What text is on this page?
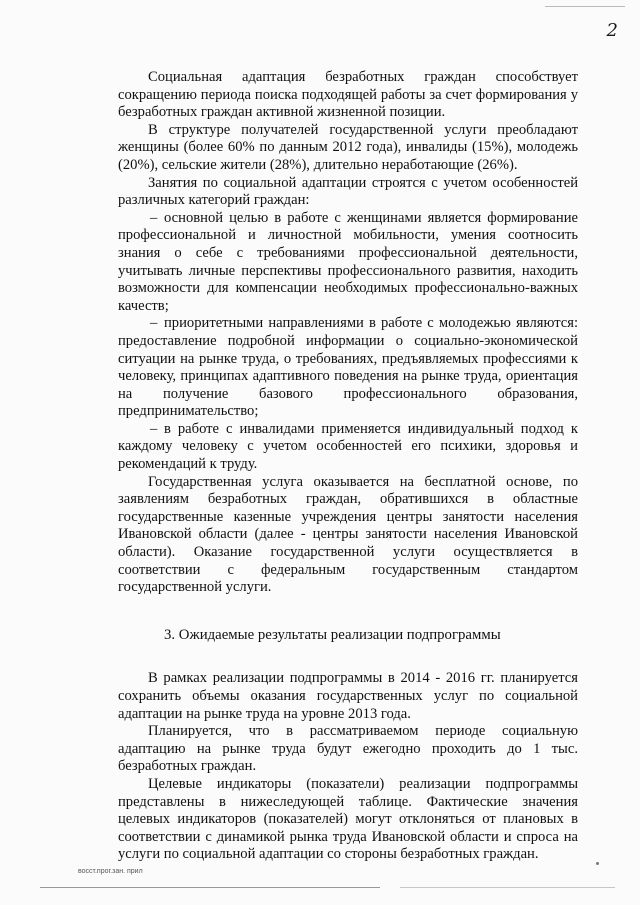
2

Социальная адаптация безработных граждан способствует сокращению периода поиска подходящей работы за счет формирования у безработных граждан активной жизненной позиции.

В структуре получателей государственной услуги преобладают женщины (более 60% по данным 2012 года), инвалиды (15%), молодежь (20%), сельские жители (28%), длительно неработающие (26%).

Занятия по социальной адаптации строятся с учетом особенностей различных категорий граждан:

– основной целью в работе с женщинами является формирование профессиональной и личностной мобильности, умения соотносить знания о себе с требованиями профессиональной деятельности, учитывать личные перспективы профессионального развития, находить возможности для компенсации необходимых профессионально-важных качеств;

– приоритетными направлениями в работе с молодежью являются: предоставление подробной информации о социально-экономической ситуации на рынке труда, о требованиях, предъявляемых профессиями к человеку, принципах адаптивного поведения на рынке труда, ориентация на получение базового профессионального образования, предпринимательство;

– в работе с инвалидами применяется индивидуальный подход к каждому человеку с учетом особенностей его психики, здоровья и рекомендаций к труду.

Государственная услуга оказывается на бесплатной основе, по заявлениям безработных граждан, обратившихся в областные государственные казенные учреждения центры занятости населения Ивановской области (далее - центры занятости населения Ивановской области). Оказание государственной услуги осуществляется в соответствии с федеральным государственным стандартом государственной услуги.

3. Ожидаемые результаты реализации подпрограммы

В рамках реализации подпрограммы в 2014 - 2016 гг. планируется сохранить объемы оказания государственных услуг по социальной адаптации на рынке труда на уровне 2013 года.

Планируется, что в рассматриваемом периоде социальную адаптацию на рынке труда будут ежегодно проходить до 1 тыс. безработных граждан.

Целевые индикаторы (показатели) реализации подпрограммы представлены в нижеследующей таблице. Фактические значения целевых индикаторов (показателей) могут отклоняться от плановых в соответствии с динамикой рынка труда Ивановской области и спроса на услуги по социальной адаптации со стороны безработных граждан.

восст.прог.зан. прил
